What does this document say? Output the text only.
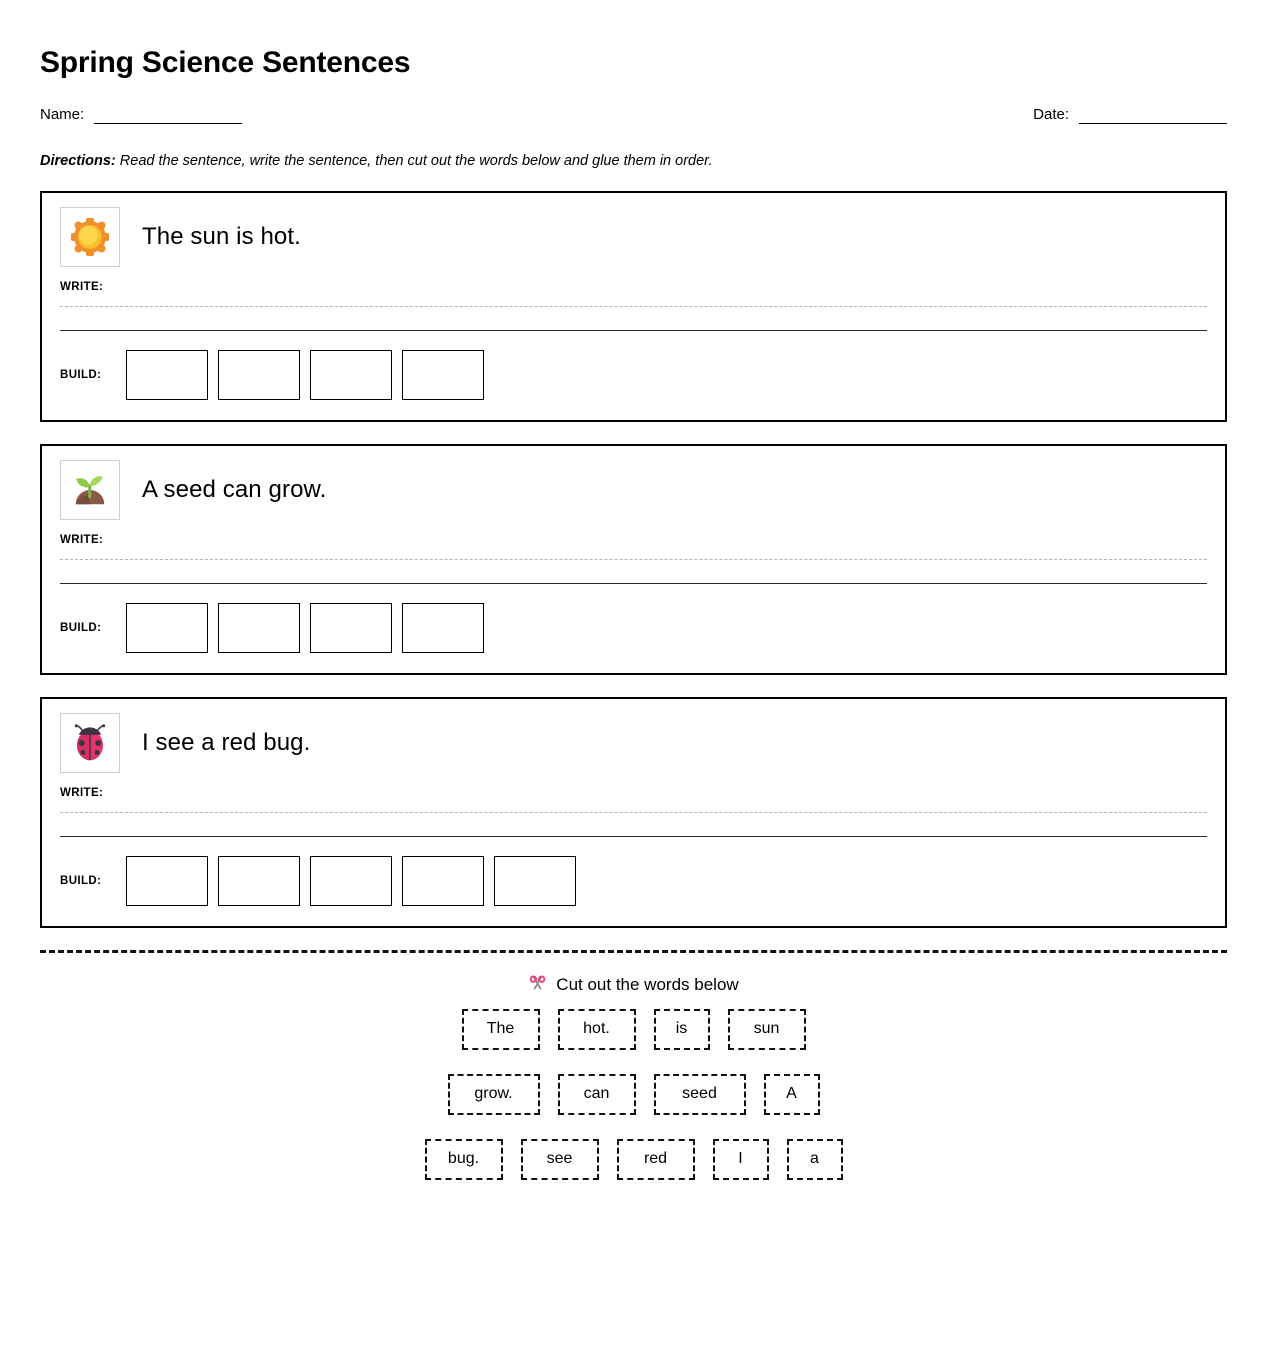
Spring Science Sentences
Name:	Date:
Directions: Read the sentence, write the sentence, then cut out the words below and glue them in order.
The sun is hot.
WRITE:
BUILD:
A seed can grow.
WRITE:
BUILD:
I see a red bug.
WRITE:
BUILD:
Cut out the words below
The	hot.	is	sun
grow.	can	seed	A
bug.	see	red	I	a
